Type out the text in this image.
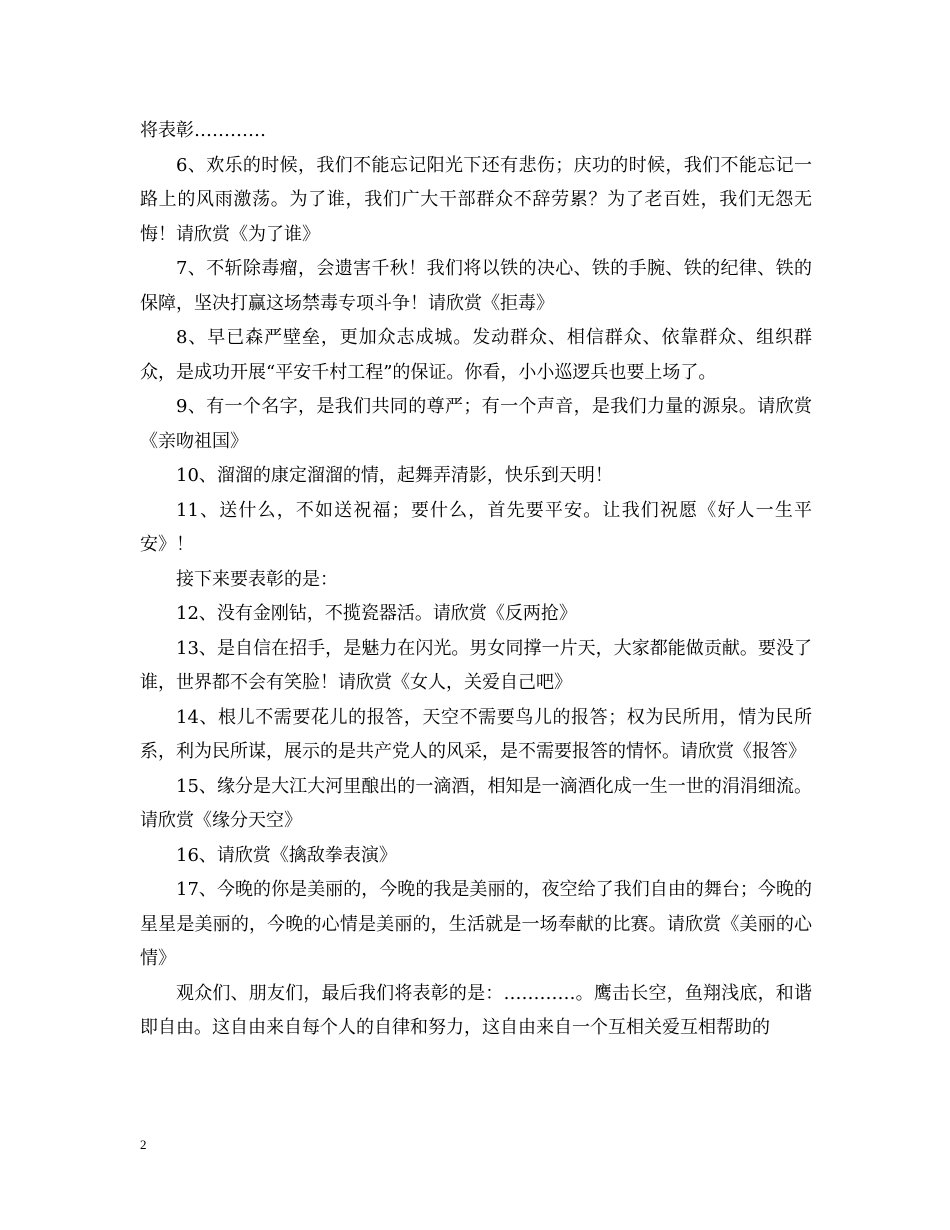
将表彰…………

6、欢乐的时候，我们不能忘记阳光下还有悲伤；庆功的时候，我们不能忘记一路上的风雨激荡。为了谁，我们广大干部群众不辞劳累？为了老百姓，我们无怨无悔！请欣赏《为了谁》

7、不斩除毒瘤，会遗害千秋！我们将以铁的决心、铁的手腕、铁的纪律、铁的保障，坚决打赢这场禁毒专项斗争！请欣赏《拒毒》

8、早已森严壁垒，更加众志成城。发动群众、相信群众、依靠群众、组织群众，是成功开展“平安千村工程”的保证。你看，小小巡逻兵也要上场了。

9、有一个名字，是我们共同的尊严；有一个声音，是我们力量的源泉。请欣赏《亲吻祖国》

10、溜溜的康定溜溜的情，起舞弄清影，快乐到天明！

11、送什么，不如送祝福；要什么，首先要平安。让我们祝愿《好人一生平安》！

接下来要表彰的是：

12、没有金刚钻，不揽瓷器活。请欣赏《反两抢》

13、是自信在招手，是魅力在闪光。男女同撑一片天，大家都能做贡献。要没了谁，世界都不会有笑脸！请欣赏《女人，关爱自己吧》

14、根儿不需要花儿的报答，天空不需要鸟儿的报答；权为民所用，情为民所系，利为民所谋，展示的是共产党人的风采，是不需要报答的情怀。请欣赏《报答》

15、缘分是大江大河里酿出的一滴酒，相知是一滴酒化成一生一世的涓涓细流。请欣赏《缘分天空》

16、请欣赏《擒敌拳表演》

17、今晚的你是美丽的，今晚的我是美丽的，夜空给了我们自由的舞台；今晚的星星是美丽的，今晚的心情是美丽的，生活就是一场奉献的比赛。请欣赏《美丽的心情》

观众们、朋友们，最后我们将表彰的是：…………。鹰击长空，鱼翔浅底，和谐即自由。这自由来自每个人的自律和努力，这自由来自一个互相关爱互相帮助的

2
